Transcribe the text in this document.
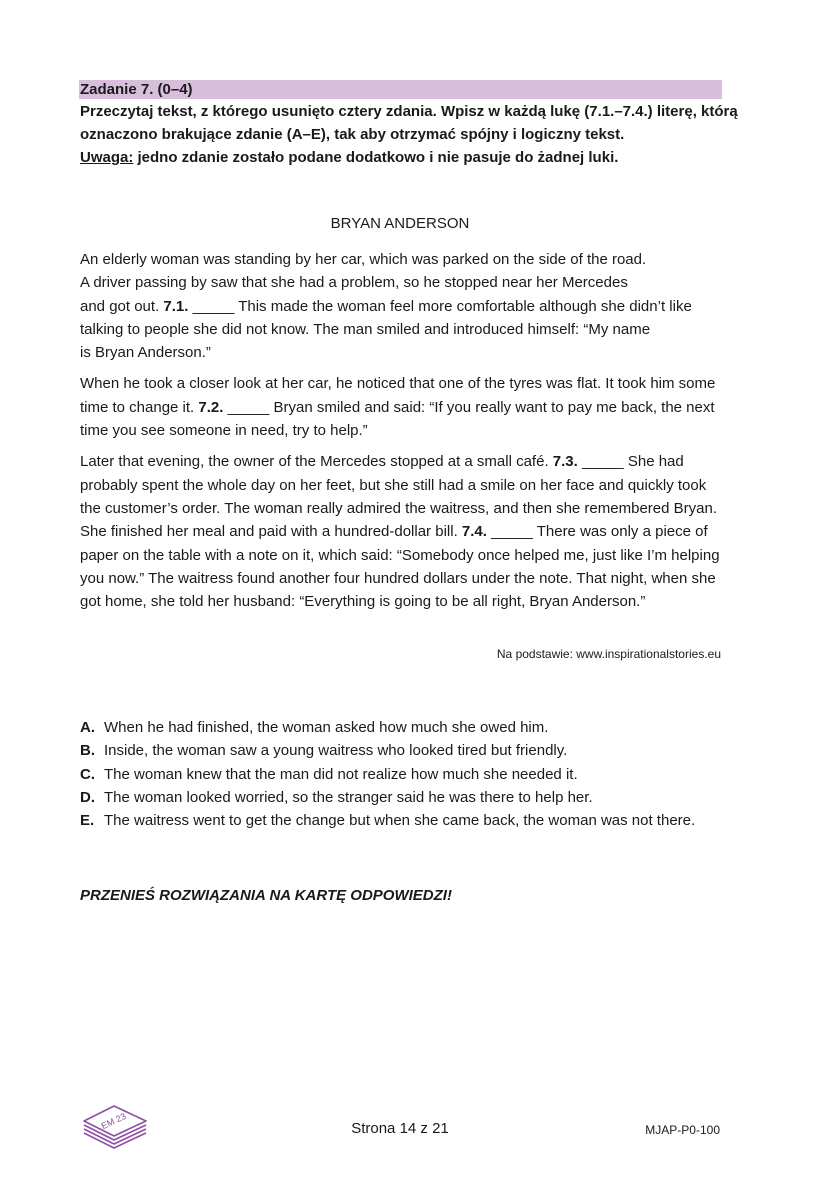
Zadanie 7. (0–4)
Przeczytaj tekst, z którego usunięto cztery zdania. Wpisz w każdą lukę (7.1.–7.4.) literę, którą oznaczono brakujące zdanie (A–E), tak aby otrzymać spójny i logiczny tekst.
Uwaga: jedno zdanie zostało podane dodatkowo i nie pasuje do żadnej luki.
BRYAN ANDERSON

An elderly woman was standing by her car, which was parked on the side of the road.
A driver passing by saw that she had a problem, so he stopped near her Mercedes
and got out. 7.1. _____ This made the woman feel more comfortable although she didn’t like talking to people she did not know. The man smiled and introduced himself: “My name
is Bryan Anderson.”

When he took a closer look at her car, he noticed that one of the tyres was flat. It took him some time to change it. 7.2. _____ Bryan smiled and said: “If you really want to pay me back, the next time you see someone in need, try to help.”

Later that evening, the owner of the Mercedes stopped at a small café. 7.3. _____ She had probably spent the whole day on her feet, but she still had a smile on her face and quickly took the customer’s order. The woman really admired the waitress, and then she remembered Bryan. She finished her meal and paid with a hundred-dollar bill. 7.4. _____ There was only a piece of paper on the table with a note on it, which said: “Somebody once helped me, just like I’m helping you now.” The waitress found another four hundred dollars under the note. That night, when she got home, she told her husband: “Everything is going to be all right, Bryan Anderson.”

Na podstawie: www.inspirationalstories.eu
A. When he had finished, the woman asked how much she owed him.
B. Inside, the woman saw a young waitress who looked tired but friendly.
C. The woman knew that the man did not realize how much she needed it.
D. The woman looked worried, so the stranger said he was there to help her.
E. The waitress went to get the change but when she came back, the woman was not there.
PRZENIEŚ ROZWIĄZANIA NA KARTĘ ODPOWIEDZI!
EM 23	Strona 14 z 21	MJAP-P0-100
